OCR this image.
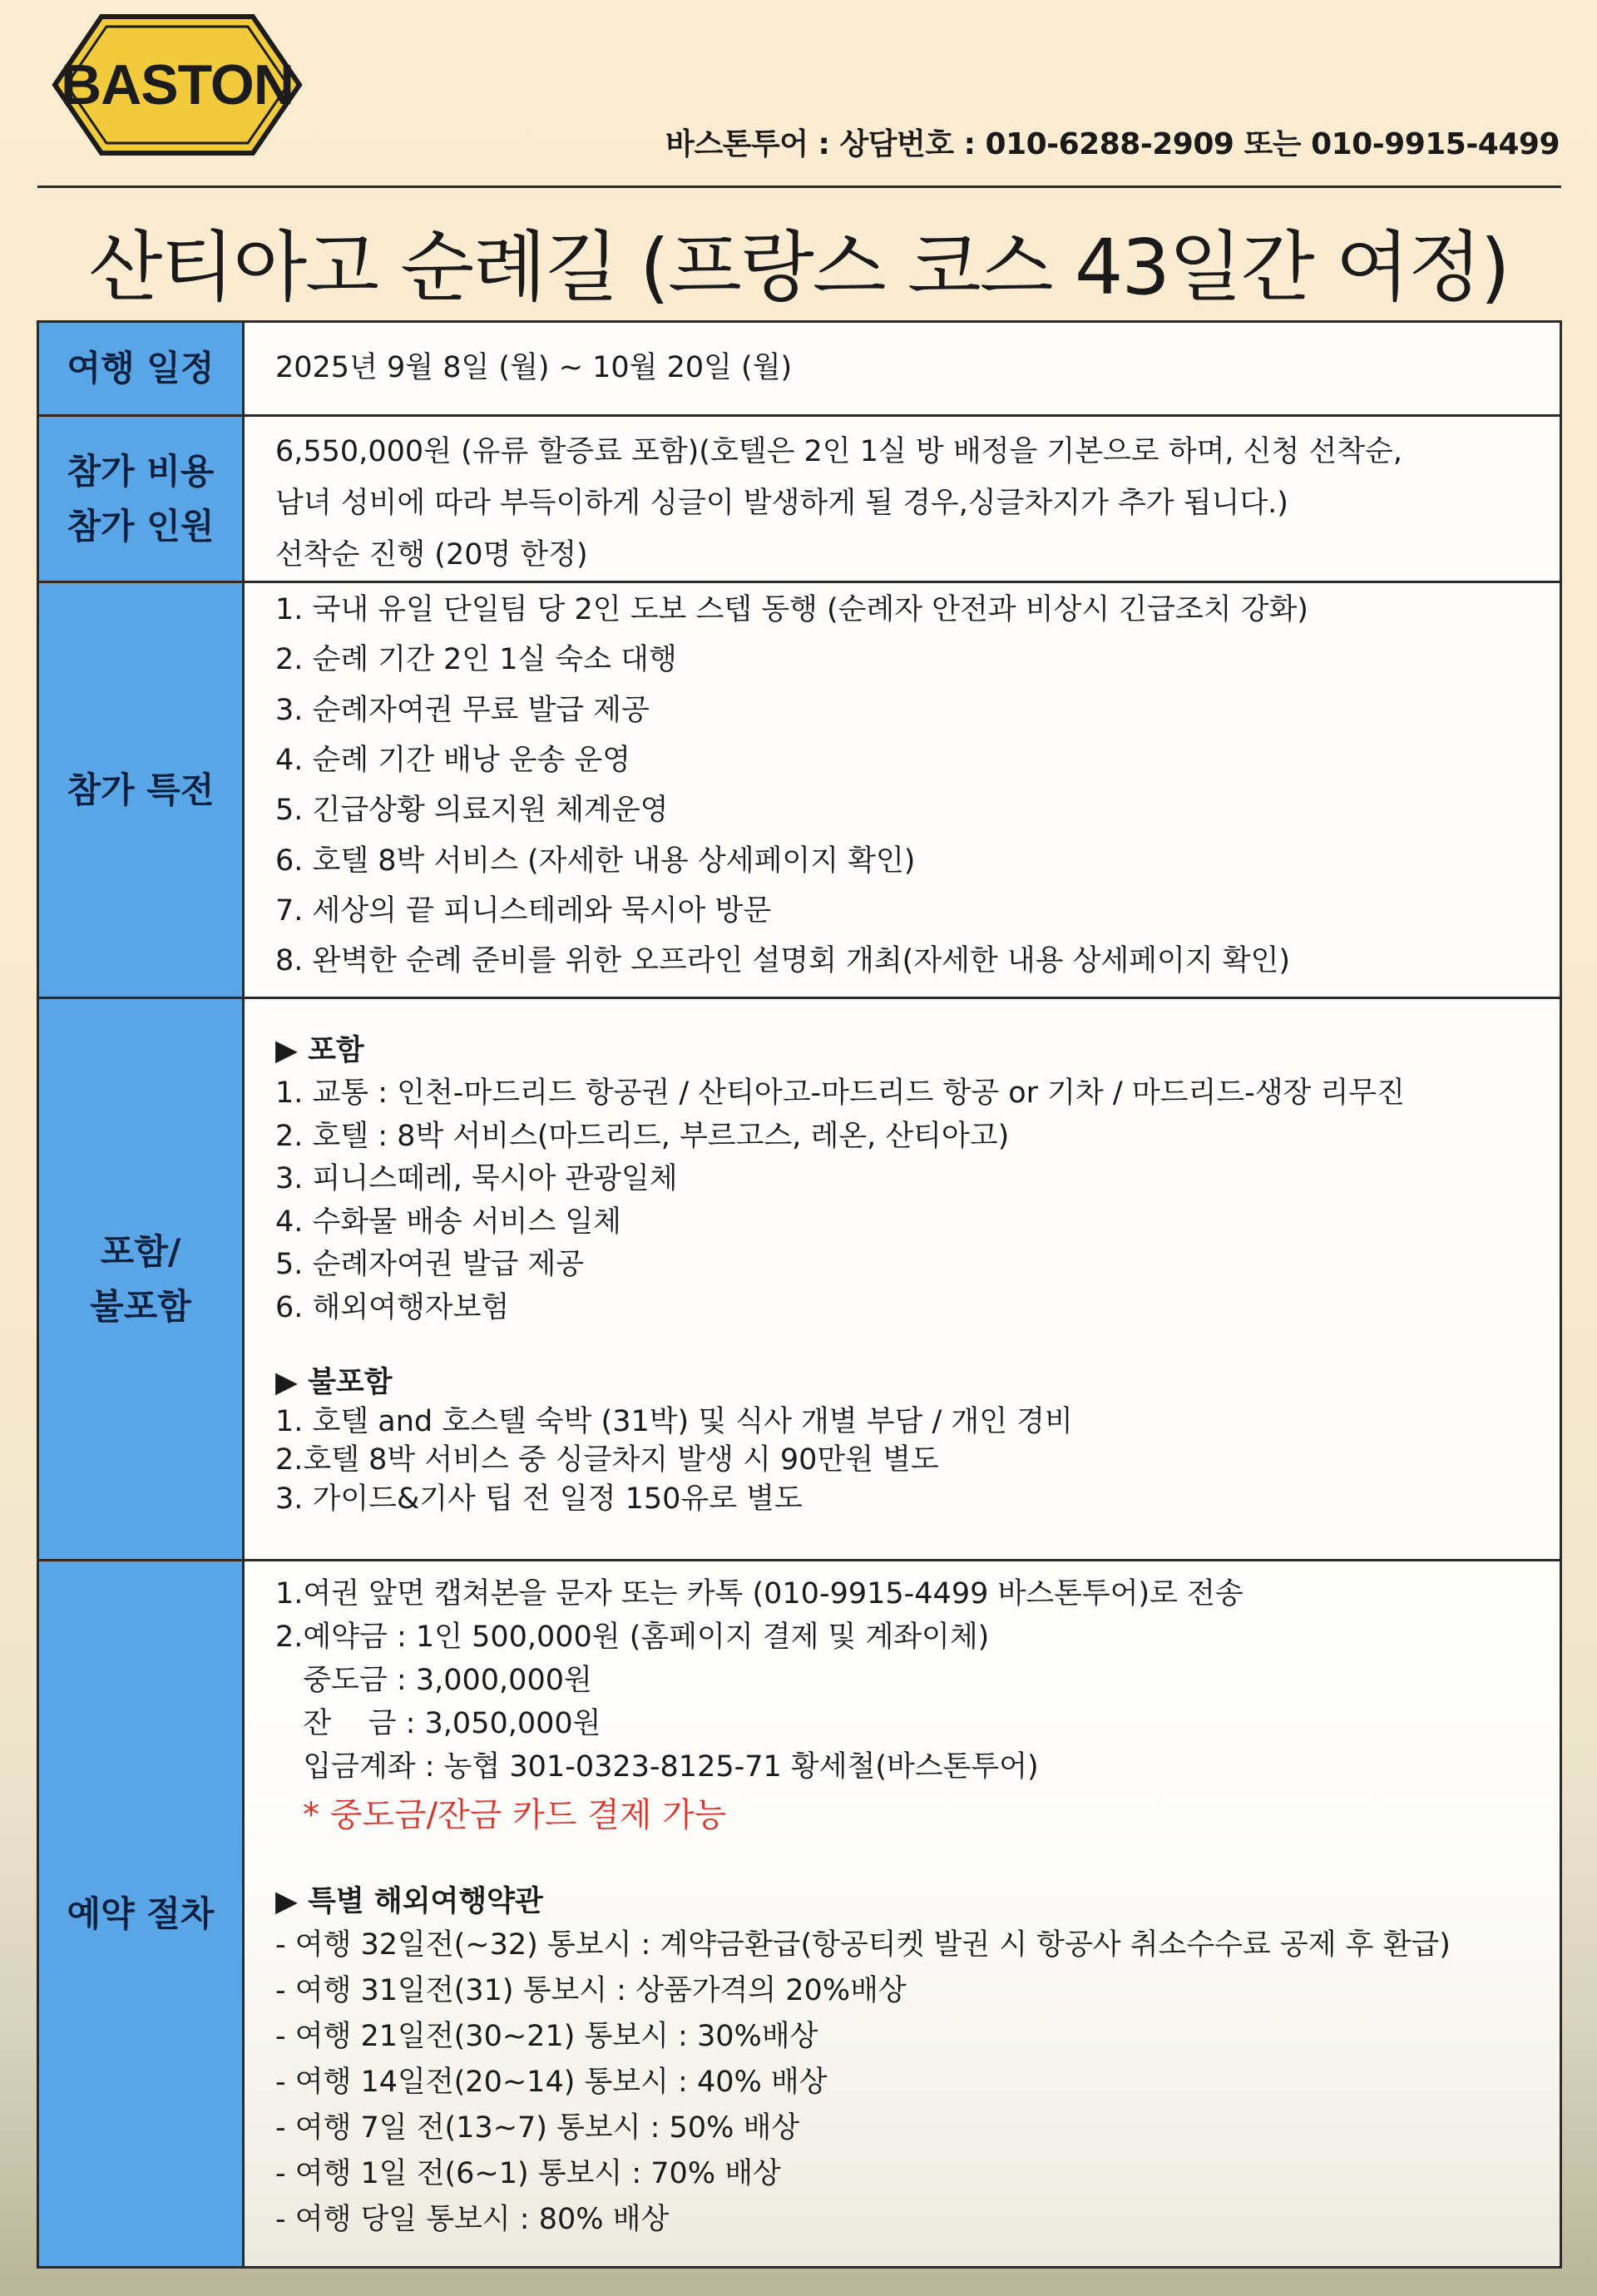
BASTON
바스톤투어 : 상담번호 : 010-6288-2909 또는 010-9915-4499
산티아고 순례길 (프랑스 코스 43일간 여정)
여행 일정 2025년 9월 8일 (월) ~ 10월 20일 (월)
참가 비용
참가 인원
6,550,000원 (유류 할증료 포함)(호텔은 2인 1실 방 배정을 기본으로 하며, 신청 선착순,
남녀 성비에 따라 부득이하게 싱글이 발생하게 될 경우,싱글차지가 추가 됩니다.)
선착순 진행 (20명 한정)
참가 특전
1. 국내 유일 단일팀 당 2인 도보 스텝 동행 (순례자 안전과 비상시 긴급조치 강화)
2. 순례 기간 2인 1실 숙소 대행
3. 순례자여권 무료 발급 제공
4. 순례 기간 배낭 운송 운영
5. 긴급상황 의료지원 체계운영
6. 호텔 8박 서비스 (자세한 내용 상세페이지 확인)
7. 세상의 끝 피니스테레와 묵시아 방문
8. 완벽한 순례 준비를 위한 오프라인 설명회 개최(자세한 내용 상세페이지 확인)
포함/
불포함
▶ 포함
1. 교통 : 인천-마드리드 항공권 / 산티아고-마드리드 항공 or 기차 / 마드리드-생장 리무진
2. 호텔 : 8박 서비스(마드리드, 부르고스, 레온, 산티아고)
3. 피니스떼레, 묵시아 관광일체
4. 수화물 배송 서비스 일체
5. 순례자여권 발급 제공
6. 해외여행자보험
▶ 불포함
1. 호텔 and 호스텔 숙박 (31박) 및 식사 개별 부담 / 개인 경비
2.호텔 8박 서비스 중 싱글차지 발생 시 90만원 별도
3. 가이드&기사 팁 전 일정 150유로 별도
예약 절차
1.여권 앞면 캡쳐본을 문자 또는 카톡 (010-9915-4499 바스톤투어)로 전송
2.예약금 : 1인 500,000원 (홈페이지 결제 및 계좌이체)
중도금 : 3,000,000원
잔    금 : 3,050,000원
입금계좌 : 농협 301-0323-8125-71 황세철(바스톤투어)
* 중도금/잔금 카드 결제 가능
▶ 특별 해외여행약관
- 여행 32일전(~32) 통보시 : 계약금환급(항공티켓 발권 시 항공사 취소수수료 공제 후 환급)
- 여행 31일전(31) 통보시 : 상품가격의 20%배상
- 여행 21일전(30~21) 통보시 : 30%배상
- 여행 14일전(20~14) 통보시 : 40% 배상
- 여행 7일 전(13~7) 통보시 : 50% 배상
- 여행 1일 전(6~1) 통보시 : 70% 배상
- 여행 당일 통보시 : 80% 배상
